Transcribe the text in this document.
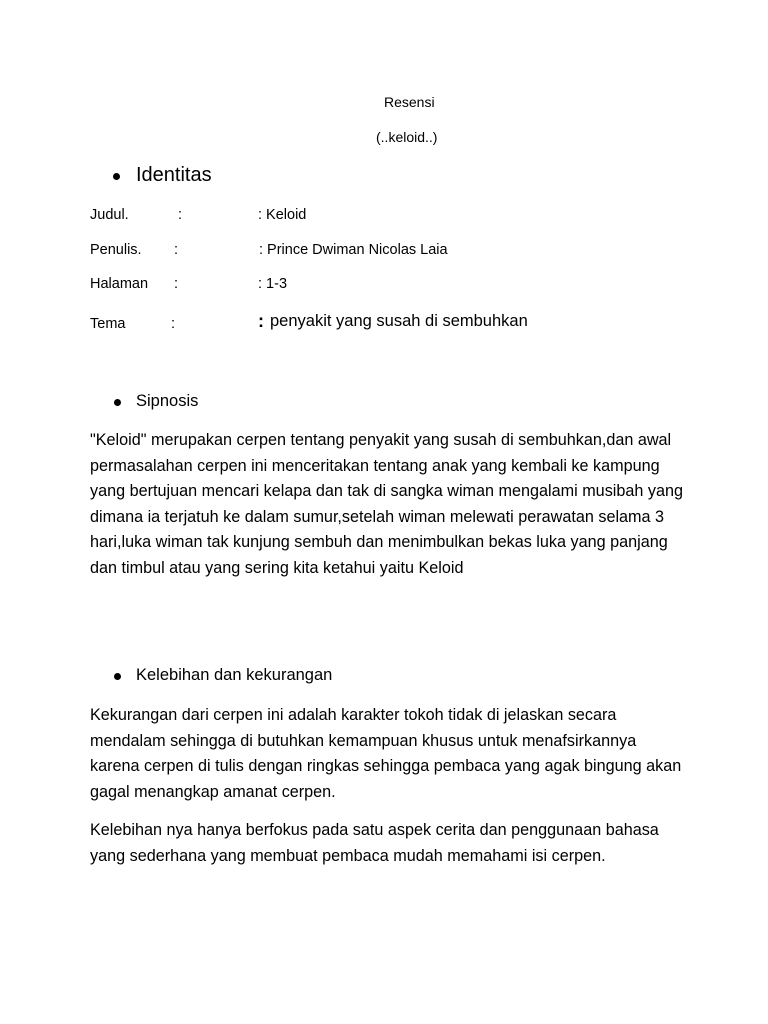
Resensi
(..keloid..)
Identitas
Judul.	:	: Keloid
Penulis. :	: Prince Dwiman Nicolas Laia
Halaman :	: 1-3
Tema	:	: penyakit yang susah di sembuhkan
Sipnosis
"Keloid" merupakan cerpen tentang penyakit yang susah di sembuhkan,dan awal permasalahan cerpen ini menceritakan tentang anak yang kembali ke kampung yang bertujuan mencari kelapa dan tak di sangka wiman mengalami musibah yang dimana ia terjatuh ke dalam sumur,setelah wiman melewati perawatan selama 3 hari,luka wiman tak kunjung sembuh dan menimbulkan bekas luka yang panjang dan timbul atau yang sering kita ketahui yaitu Keloid
Kelebihan dan kekurangan
Kekurangan dari cerpen ini adalah karakter tokoh tidak di jelaskan secara mendalam sehingga di butuhkan kemampuan khusus untuk menafsirkannya karena cerpen di tulis dengan ringkas sehingga pembaca yang agak bingung akan gagal menangkap amanat cerpen.
Kelebihan nya hanya berfokus pada satu aspek cerita dan penggunaan bahasa yang sederhana yang membuat pembaca mudah memahami isi cerpen.
